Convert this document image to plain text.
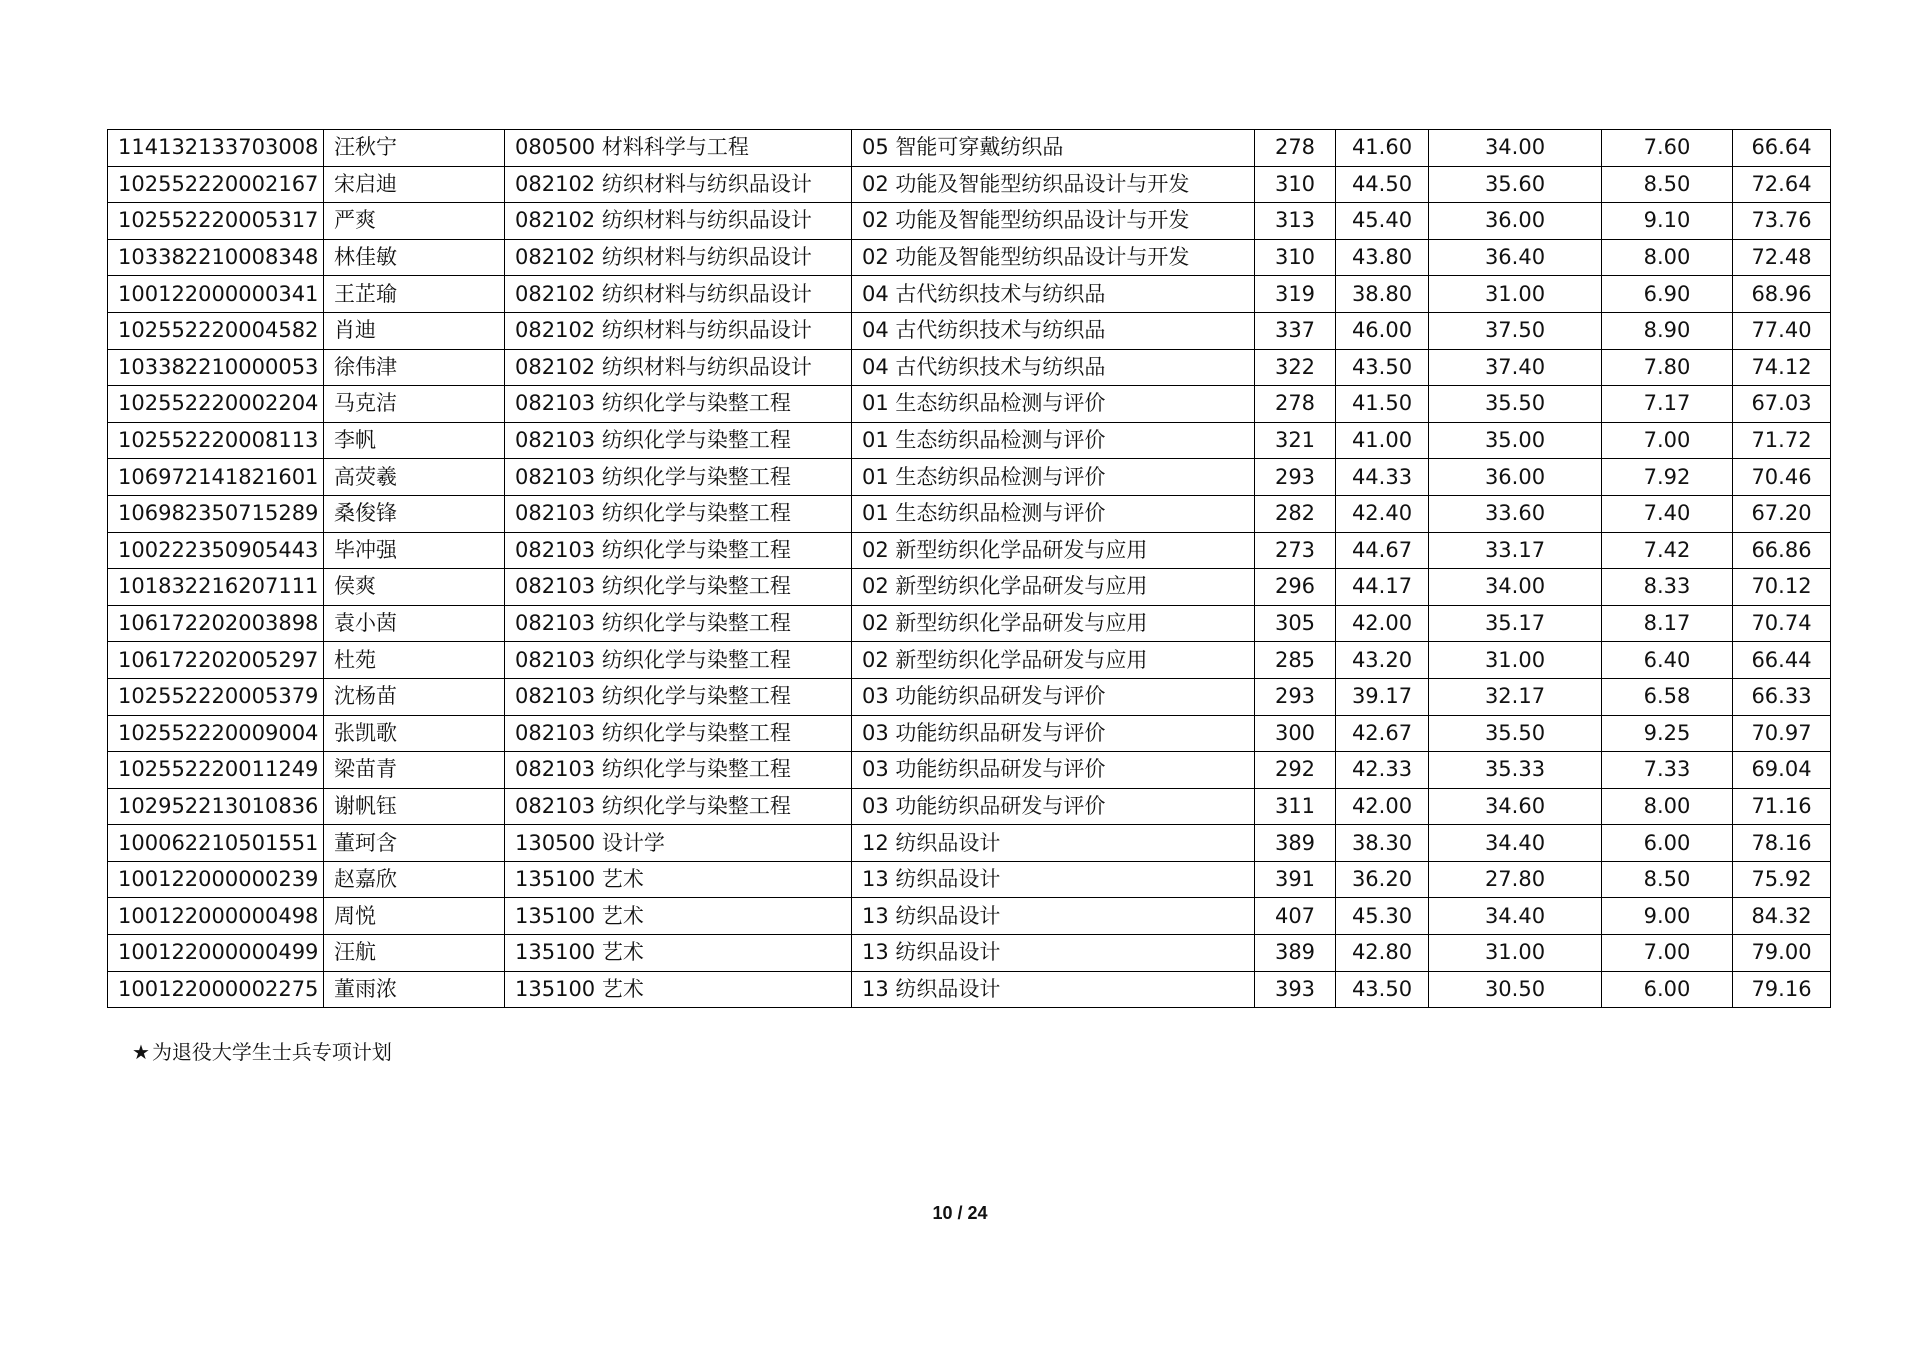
114132133703008	汪秋宁	080500 材料科学与工程	05 智能可穿戴纺织品	278	41.60	34.00	7.60	66.64
102552220002167	宋启迪	082102 纺织材料与纺织品设计	02 功能及智能型纺织品设计与开发	310	44.50	35.60	8.50	72.64
102552220005317	严爽	082102 纺织材料与纺织品设计	02 功能及智能型纺织品设计与开发	313	45.40	36.00	9.10	73.76
103382210008348	林佳敏	082102 纺织材料与纺织品设计	02 功能及智能型纺织品设计与开发	310	43.80	36.40	8.00	72.48
100122000000341	王芷瑜	082102 纺织材料与纺织品设计	04 古代纺织技术与纺织品	319	38.80	31.00	6.90	68.96
102552220004582	肖迪	082102 纺织材料与纺织品设计	04 古代纺织技术与纺织品	337	46.00	37.50	8.90	77.40
103382210000053	徐伟津	082102 纺织材料与纺织品设计	04 古代纺织技术与纺织品	322	43.50	37.40	7.80	74.12
102552220002204	马克洁	082103 纺织化学与染整工程	01 生态纺织品检测与评价	278	41.50	35.50	7.17	67.03
102552220008113	李帆	082103 纺织化学与染整工程	01 生态纺织品检测与评价	321	41.00	35.00	7.00	71.72
106972141821601	高荧羲	082103 纺织化学与染整工程	01 生态纺织品检测与评价	293	44.33	36.00	7.92	70.46
106982350715289	桑俊锋	082103 纺织化学与染整工程	01 生态纺织品检测与评价	282	42.40	33.60	7.40	67.20
100222350905443	毕冲强	082103 纺织化学与染整工程	02 新型纺织化学品研发与应用	273	44.67	33.17	7.42	66.86
101832216207111	侯爽	082103 纺织化学与染整工程	02 新型纺织化学品研发与应用	296	44.17	34.00	8.33	70.12
106172202003898	袁小茵	082103 纺织化学与染整工程	02 新型纺织化学品研发与应用	305	42.00	35.17	8.17	70.74
106172202005297	杜苑	082103 纺织化学与染整工程	02 新型纺织化学品研发与应用	285	43.20	31.00	6.40	66.44
102552220005379	沈杨苗	082103 纺织化学与染整工程	03 功能纺织品研发与评价	293	39.17	32.17	6.58	66.33
102552220009004	张凯歌	082103 纺织化学与染整工程	03 功能纺织品研发与评价	300	42.67	35.50	9.25	70.97
102552220011249	梁苗青	082103 纺织化学与染整工程	03 功能纺织品研发与评价	292	42.33	35.33	7.33	69.04
102952213010836	谢帆钰	082103 纺织化学与染整工程	03 功能纺织品研发与评价	311	42.00	34.60	8.00	71.16
100062210501551	董珂含	130500 设计学	12 纺织品设计	389	38.30	34.40	6.00	78.16
100122000000239	赵嘉欣	135100 艺术	13 纺织品设计	391	36.20	27.80	8.50	75.92
100122000000498	周悦	135100 艺术	13 纺织品设计	407	45.30	34.40	9.00	84.32
100122000000499	汪航	135100 艺术	13 纺织品设计	389	42.80	31.00	7.00	79.00
100122000002275	董雨浓	135100 艺术	13 纺织品设计	393	43.50	30.50	6.00	79.16
★ 为退役大学生士兵专项计划
10 / 24
